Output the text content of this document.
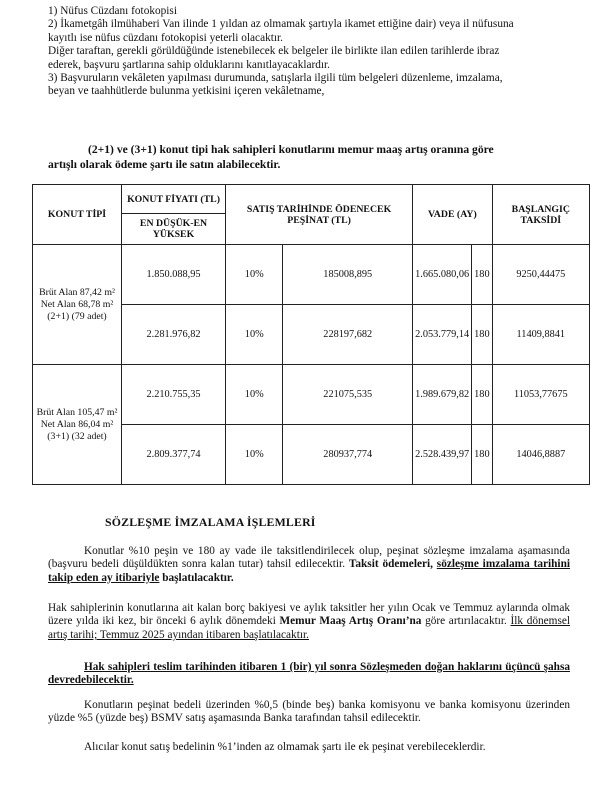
1) Nüfus Cüzdanı fotokopisi

2) İkametgâh ilmühaberi Van ilinde 1 yıldan az olmamak şartıyla ikamet ettiğine dair) veya il nüfusuna

kayıtlı ise nüfus cüzdanı fotokopisi yeterli olacaktır.

Diğer taraftan, gerekli görüldüğünde istenebilecek ek belgeler ile birlikte ilan edilen tarihlerde ibraz

ederek, başvuru şartlarına sahip olduklarını kanıtlayacaklardır.

3) Başvuruların vekâleten yapılması durumunda, satışlarla ilgili tüm belgeleri düzenleme, imzalama,

beyan ve taahhütlerde bulunma yetkisini içeren vekâletname,

(2+1) ve (3+1) konut tipi hak sahipleri konutlarını memur maaş artış oranına göre
artışlı olarak ödeme şartı ile satın alabilecektir.
KONUT TİPİ	KONUT FİYATI (TL)	SATIŞ TARİHİNDE ÖDENECEK PEŞİNAT (TL)		VADE (AY)		BAŞLANGIÇ TAKSİDİ
	EN DÜŞÜK-EN YÜKSEK					
Brüt Alan 87,42 m² Net Alan 68,78 m² (2+1) (79 adet)	1.850.088,95	10%	185008,895	1.665.080,06	180	9250,44475
	2.281.976,82	10%	228197,682	2.053.779,14	180	11409,8841
Brüt Alan 105,47 m² Net Alan 86,04 m² (3+1) (32 adet)	2.210.755,35	10%	221075,535	1.989.679,82	180	11053,77675
	2.809.377,74	10%	280937,774	2.528.439,97	180	14046,8887
SÖZLEŞME İMZALAMA İŞLEMLERİ
Konutlar %10 peşin ve 180 ay vade ile taksitlendirilecek olup, peşinat sözleşme imzalama aşamasında (başvuru bedeli düşüldükten sonra kalan tutar) tahsil edilecektir. Taksit ödemeleri, sözleşme imzalama tarihini takip eden ay itibariyle başlatılacaktır.
Hak sahiplerinin konutlarına ait kalan borç bakiyesi ve aylık taksitler her yılın Ocak ve Temmuz aylarında olmak üzere yılda iki kez, bir önceki 6 aylık dönemdeki Memur Maaş Artış Oranı’na göre artırılacaktır. İlk dönemsel artış tarihi; Temmuz 2025 ayından itibaren başlatılacaktır.
Hak sahipleri teslim tarihinden itibaren 1 (bir) yıl sonra Sözleşmeden doğan haklarını üçüncü şahsa devredebilecektir.
Konutların peşinat bedeli üzerinden %0,5 (binde beş) banka komisyonu ve banka komisyonu üzerinden yüzde %5 (yüzde beş) BSMV satış aşamasında Banka tarafından tahsil edilecektir.
Alıcılar konut satış bedelinin %1’inden az olmamak şartı ile ek peşinat verebileceklerdir.
